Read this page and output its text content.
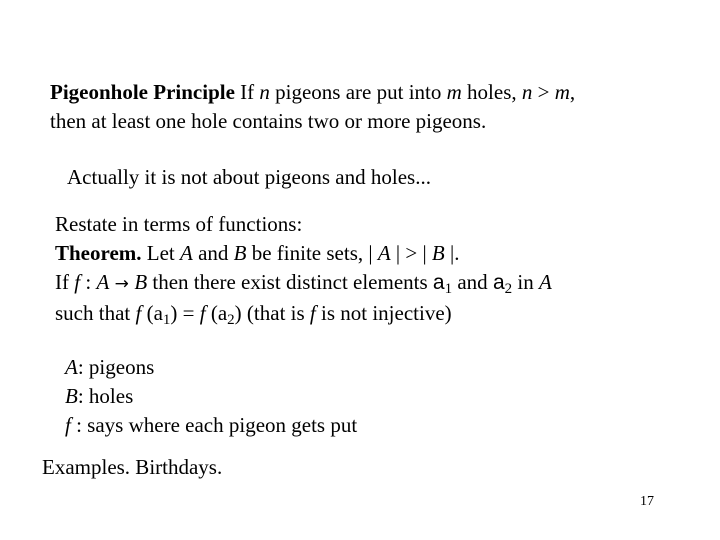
Pigeonhole Principle If n pigeons are put into m holes, n > m,
then at least one hole contains two or more pigeons.
Actually it is not about pigeons and holes...
Restate in terms of functions:
Theorem. Let A and B be finite sets, | A | > | B |.
If f : A → B then there exist distinct elements $a_1$ and $a_2$ in A
such that f $(a_1) = f$ $(a_2)$ (that is f is not injective)
A: pigeons
B: holes
f : says where each pigeon gets put
Examples. Birthdays.
17
